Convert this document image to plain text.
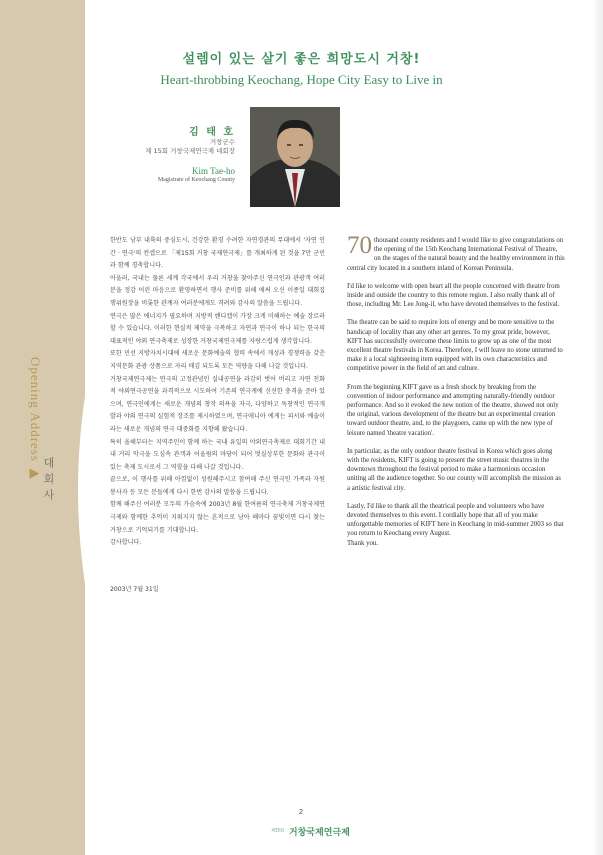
Opening Address ▶ 대회사
설렘이 있는 살기 좋은 희망도시 거창!
Heart-throbbing Keochang, Hope City Easy to Live in
김 태 호
거창군수
제 15회 거창국제연극제 대회장
Kim Tae-ho
Magistrate of Keochang County

한반도 남부 내륙의 중심도시, 건강한 환경 수려한 자연경관의 무대에서 '자연 인간 · 연극'의 컨셉으로 「제15회 거창 국제연극제」를 개최하게 된 것을 7만 군민과 함께 경축합니다.

아울러, 국내는 물론 세계 각국에서 우리 거창을 찾아주신 연극인과 관광객 여러분을 정감 어린 마음으로 환영하면서 행사 준비를 위해 애써 오신 이종일 대회집행위원장을 비롯한 관계자 여러분에게도 격려와 감사의 말씀을 드립니다.

연극은 많은 에너지가 필요하며 지방적 핸디캡이 가장 크게 미해하는 예술 장르라 할 수 있습니다. 이러한 현실적 제약을 극복하고 자연과 연극이 하나 되는 한국의 대표적인 야외 연극축제로 성장한 거창국제연극제를 자랑스럽게 생각합니다.

또한 민선 지방자치시대에 새로운 문화예술의 협력 속에서 개성과 경쟁력을 갖춘 지역문화 관광 상품으로 자리 매김 되도록 모든 역량을 다해 나갈 것입니다.

거창국제연극제는 연극의 고정관념인 실내공연을 과감히 벗어 버리고 자연 친화적 야외연극공연을 과격적으로 시도하여 기존의 연극계에 신선한 충격을 준바 있으며, 연극인에게는 새로운 개념의 창작 의욕을 자극, 다양하고 독창적인 연극개발과 야외 연극의 실험적 장조를 제시하였으며, 연극애니아 에게는 피서와 예술이라는 새로운 개념의 연극 대중화를 지향해 왔습니다.

특히 올해부터는 지역주민이 함께 하는 국내 유일의 야외연극축제로 대회기간 내내 거리 악극을 도심속 관객과 어울림의 마당이 되어 멋실상부한 문화와 관극이 있는 축제 도시로서 그 역할을 다해 나갈 것입니다.

끝으로, 이 행사를 위해 아낌없이 성원해주시고 참여해 주신 연극인 가족과 자원봉사자 등 모든 분들에게 다시 한번 감사의 말씀을 드립니다.

함께 해주신 여러분 모두의 가슴속에 2003년 8월 한여름의 연극축제 거창국제연극제와 함께한 추억이 지워지지 않는 흔적으로 남아 해마다 꿈빛이면 다시 찾는 거창으로 기억되기를 기대합니다.

감사합니다.

2003년 7월 31일

70 thousand county residents and I would like to give congratulations on the opening of the 15th Keochang International Festival of Theatre, on the stages of the natural beauty and the healthy environment in this central city located in a southern inland of Korean Peninsula.

I'd like to welcome with open heart all the people concerned with theatre from inside and outside the country to this remote region. I also really thank all of those, including Mr. Lee Jong-il, who have devoted themselves to the festival.

The theatre can be said to require lots of energy and be more sensitive to the handicap of locality than any other art genres. To my great pride, however, KIFT has successfully overcome these limits to grow up as one of the most excellent theatre festivals in Korea. Therefore, I will leave no stone unturned to make it a local sightseeing item equipped with its own characteristics and competitive power in the field of art and culture.

From the beginning KIFT gave us a fresh shock by breaking from the convention of indoor performance and attempting naturally-friendly outdoor performance. And so it evoked the new notion of the theatre, showed not only the original, various development of the theatre but an experimental creation toward outdoor theatre, and, to the playgoers, came up with the new type of leisure named 'theatre vacation'.

In particular, as the only outdoor theatre festival in Korea which goes along with the residents, KIFT is going to present the street music theatres in the downtown throughout the festival period to make a harmonious occasion uniting all the audience together. So our county will accomplish the mission as a artistic festival city.

Lastly, I'd like to thank all the theatrical people and volunteers who have devoted themselves to this event. I cordially hope that all of you make unforgettable memories of KIFT here in Keochang in mid-summer 2003 so that you return to Keochang every August.

Thank you.

2
제15회 거창국제연극제
